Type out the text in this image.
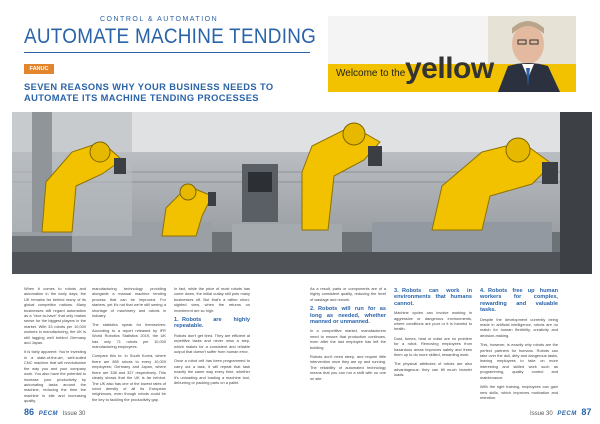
CONTROL & AUTOMATION
AUTOMATE MACHINE TENDING
FANUC
SEVEN REASONS WHY YOUR BUSINESS NEEDS TO AUTOMATE ITS MACHINE TENDING PROCESSES
Welcome to the yellow

When it comes to robots and automation in the early days, the UK remains far behind many of its global competitor nations. Many businesses still regard automation as a "nice-to-have" that only makes sense for the biggest players in the market. With 33 robots per 10,000 workers in manufacturing, the UK is still lagging well behind Germany and Japan.

It is fairly apparent: You're investing in a state-of-the-art, well-suited CNC machine that will revolutionise the way you and your company work. You also have the potential to increase your productivity by automating tasks around the machine, reducing the time the machine is idle and increasing quality.

manufacturing technology providing alongside a manual machine tending process that can be improved. For starters, yet it's not that we're still seeing a shortage of machinery and robots in industry.

The statistics speak for themselves: According to a report released by IFR World Robotics Statistics 2019, the UK has only 71 robots per 10,000 manufacturing employees.

Compare this to: In South Korea, where there are 855 robots to every 10,000 employees; Germany and Japan, where there are 338 and 327 respectively. This clearly shows that the UK is far behind. The UK also has one of the lowest rates of robot density of all its European neighbours, even though robots could be the key to tackling the productivity gap.

In fact, while the price of most robots has come down, the initial outlay still puts many businesses off. But that's a rather short-sighted view, when the returns on investment are so high.

1. Robots are highly repeatable.

Robots don't get tired. They are efficient at repetitive tasks and never miss a step, which makes for a consistent and reliable output that doesn't suffer from human error.

Once a robot cell has been programmed to carry out a task, it will repeat that task exactly the same way every time, whether it's unloading and loading a machine tool, deburring or packing parts on a pallet.

As a result, parts or components are of a highly consistent quality, reducing the level of wastage and rework.

2. Robots will run for as long as needed, whether manned or unmanned.

In a competitive market, manufacturers need to ensure that production continues, even after the last employee has left the building.

Robots don't need sleep, and require little intervention once they are up and running. The reliability of automated technology means that you can run a shift with no one on site.

3. Robots can work in environments that humans cannot.

Machine cycles can involve working in aggressive or dangerous environments, where conditions are poor or it is harmful to health.

Dust, fumes, heat or noise are no problem for a robot. Removing employees from hazardous areas improves safety and frees them up to do more skilled, rewarding work.

The physical attributes of robots are also advantageous: they can lift much heavier loads.

4. Robots free up human workers for complex, rewarding and valuable tasks.

Despite the development currently being made in artificial intelligence, robots are no match for human flexibility, creativity and decision-making.

This, however, is exactly why robots are the perfect partners for humans. Robots can take over the dull, dirty and dangerous tasks, leaving employees to take on more interesting and skilled work such as programming, quality control and maintenance.

With the right training, employees can gain new skills, which improves motivation and retention.

86 PECM Issue 30	Issue 30 PECM 87
